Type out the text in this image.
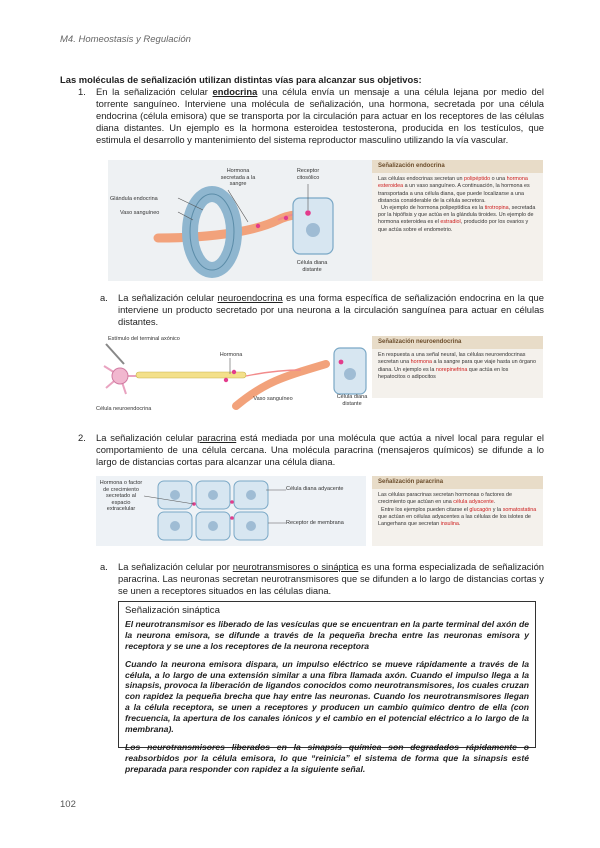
M4. Homeostasis y Regulación
Las moléculas de señalización utilizan distintas vías para alcanzar sus objetivos:
1. En la señalización celular endocrina una célula envía un mensaje a una célula lejana por medio del torrente sanguíneo. Interviene una molécula de señalización, una hormona, secretada por una célula endocrina (célula emisora) que se transporta por la circulación para actuar en los receptores de las células diana distantes. Un ejemplo es la hormona esteroidea testosterona, producida en los testículos, que estimula el desarrollo y mantenimiento del sistema reproductor masculino utilizando la vía vascular.
Hormona secretada a la sangre
Receptor citosólico
Glándula endocrina
Vaso sanguíneo
Célula diana distante
Señalización endocrina
Las células endocrinas secretan un polipéptido o una hormona esteroidea a un vaso sanguíneo. A continuación, la hormona es transportada a una célula diana, que puede localizarse a una distancia considerable de la célula secretora.
Un ejemplo de hormona polipeptídica es la tirotropina, secretada por la hipófisis y que actúa en la glándula tiroides. Un ejemplo de hormona esteroidea es el estradiol, producido por los ovarios y que actúa sobre el endometrio.
a. La señalización celular neuroendocrina es una forma específica de señalización endocrina en la que interviene un producto secretado por una neurona a la circulación sanguínea para actuar en células distantes.
Estímulo del terminal axónico
Hormona
Célula neuroendocrina
Vaso sanguíneo	Célula diana distante
Señalización neuroendocrina
En respuesta a una señal neural, las células neuroendocrinas secretan una hormona a la sangre para que viaje hasta un órgano diana. Un ejemplo es la norepinefrina que actúa en los hepatocitos o adipocitos
2. La señalización celular paracrina está mediada por una molécula que actúa a nivel local para regular el comportamiento de una célula cercana. Una molécula paracrina (mensajeros químicos) se difunde a lo largo de distancias cortas para alcanzar una célula diana.
Hormona o factor de crecimiento secretado al espacio extracelular
Célula diana adyacente
Receptor de membrana
Señalización paracrina
Las células paracrinas secretan hormonas o factores de crecimiento que actúan en una célula adyacente.
Entre los ejemplos pueden citarse el glucagón y la somatostatina que actúan en células adyacentes a las células de los islotes de Langerhans que secretan insulina.
a. La señalización celular por neurotransmisores o sináptica es una forma especializada de señalización paracrina. Las neuronas secretan neurotransmisores que se difunden a lo largo de distancias cortas y se unen a receptores situados en las células diana.
Señalización sináptica

El neurotransmisor es liberado de las vesículas que se encuentran en la parte terminal del axón de la neurona emisora, se difunde a través de la pequeña brecha entre las neuronas emisora y receptora y se une a los receptores de la neurona receptora

Cuando la neurona emisora dispara, un impulso eléctrico se mueve rápidamente a través de la célula, a lo largo de una extensión similar a una fibra llamada axón. Cuando el impulso llega a la sinapsis, provoca la liberación de ligandos conocidos como neurotransmisores, los cuales cruzan con rapidez la pequeña brecha que hay entre las neuronas. Cuando los neurotransmisores llegan a la célula receptora, se unen a receptores y producen un cambio químico dentro de ella (con frecuencia, la apertura de los canales iónicos y el cambio en el potencial eléctrico a lo largo de la membrana).

Los neurotransmisores liberados en la sinapsis química son degradados rápidamente o reabsorbidos por la célula emisora, lo que “reinicia” el sistema de forma que la sinapsis esté preparada para responder con rapidez a la siguiente señal.

102
